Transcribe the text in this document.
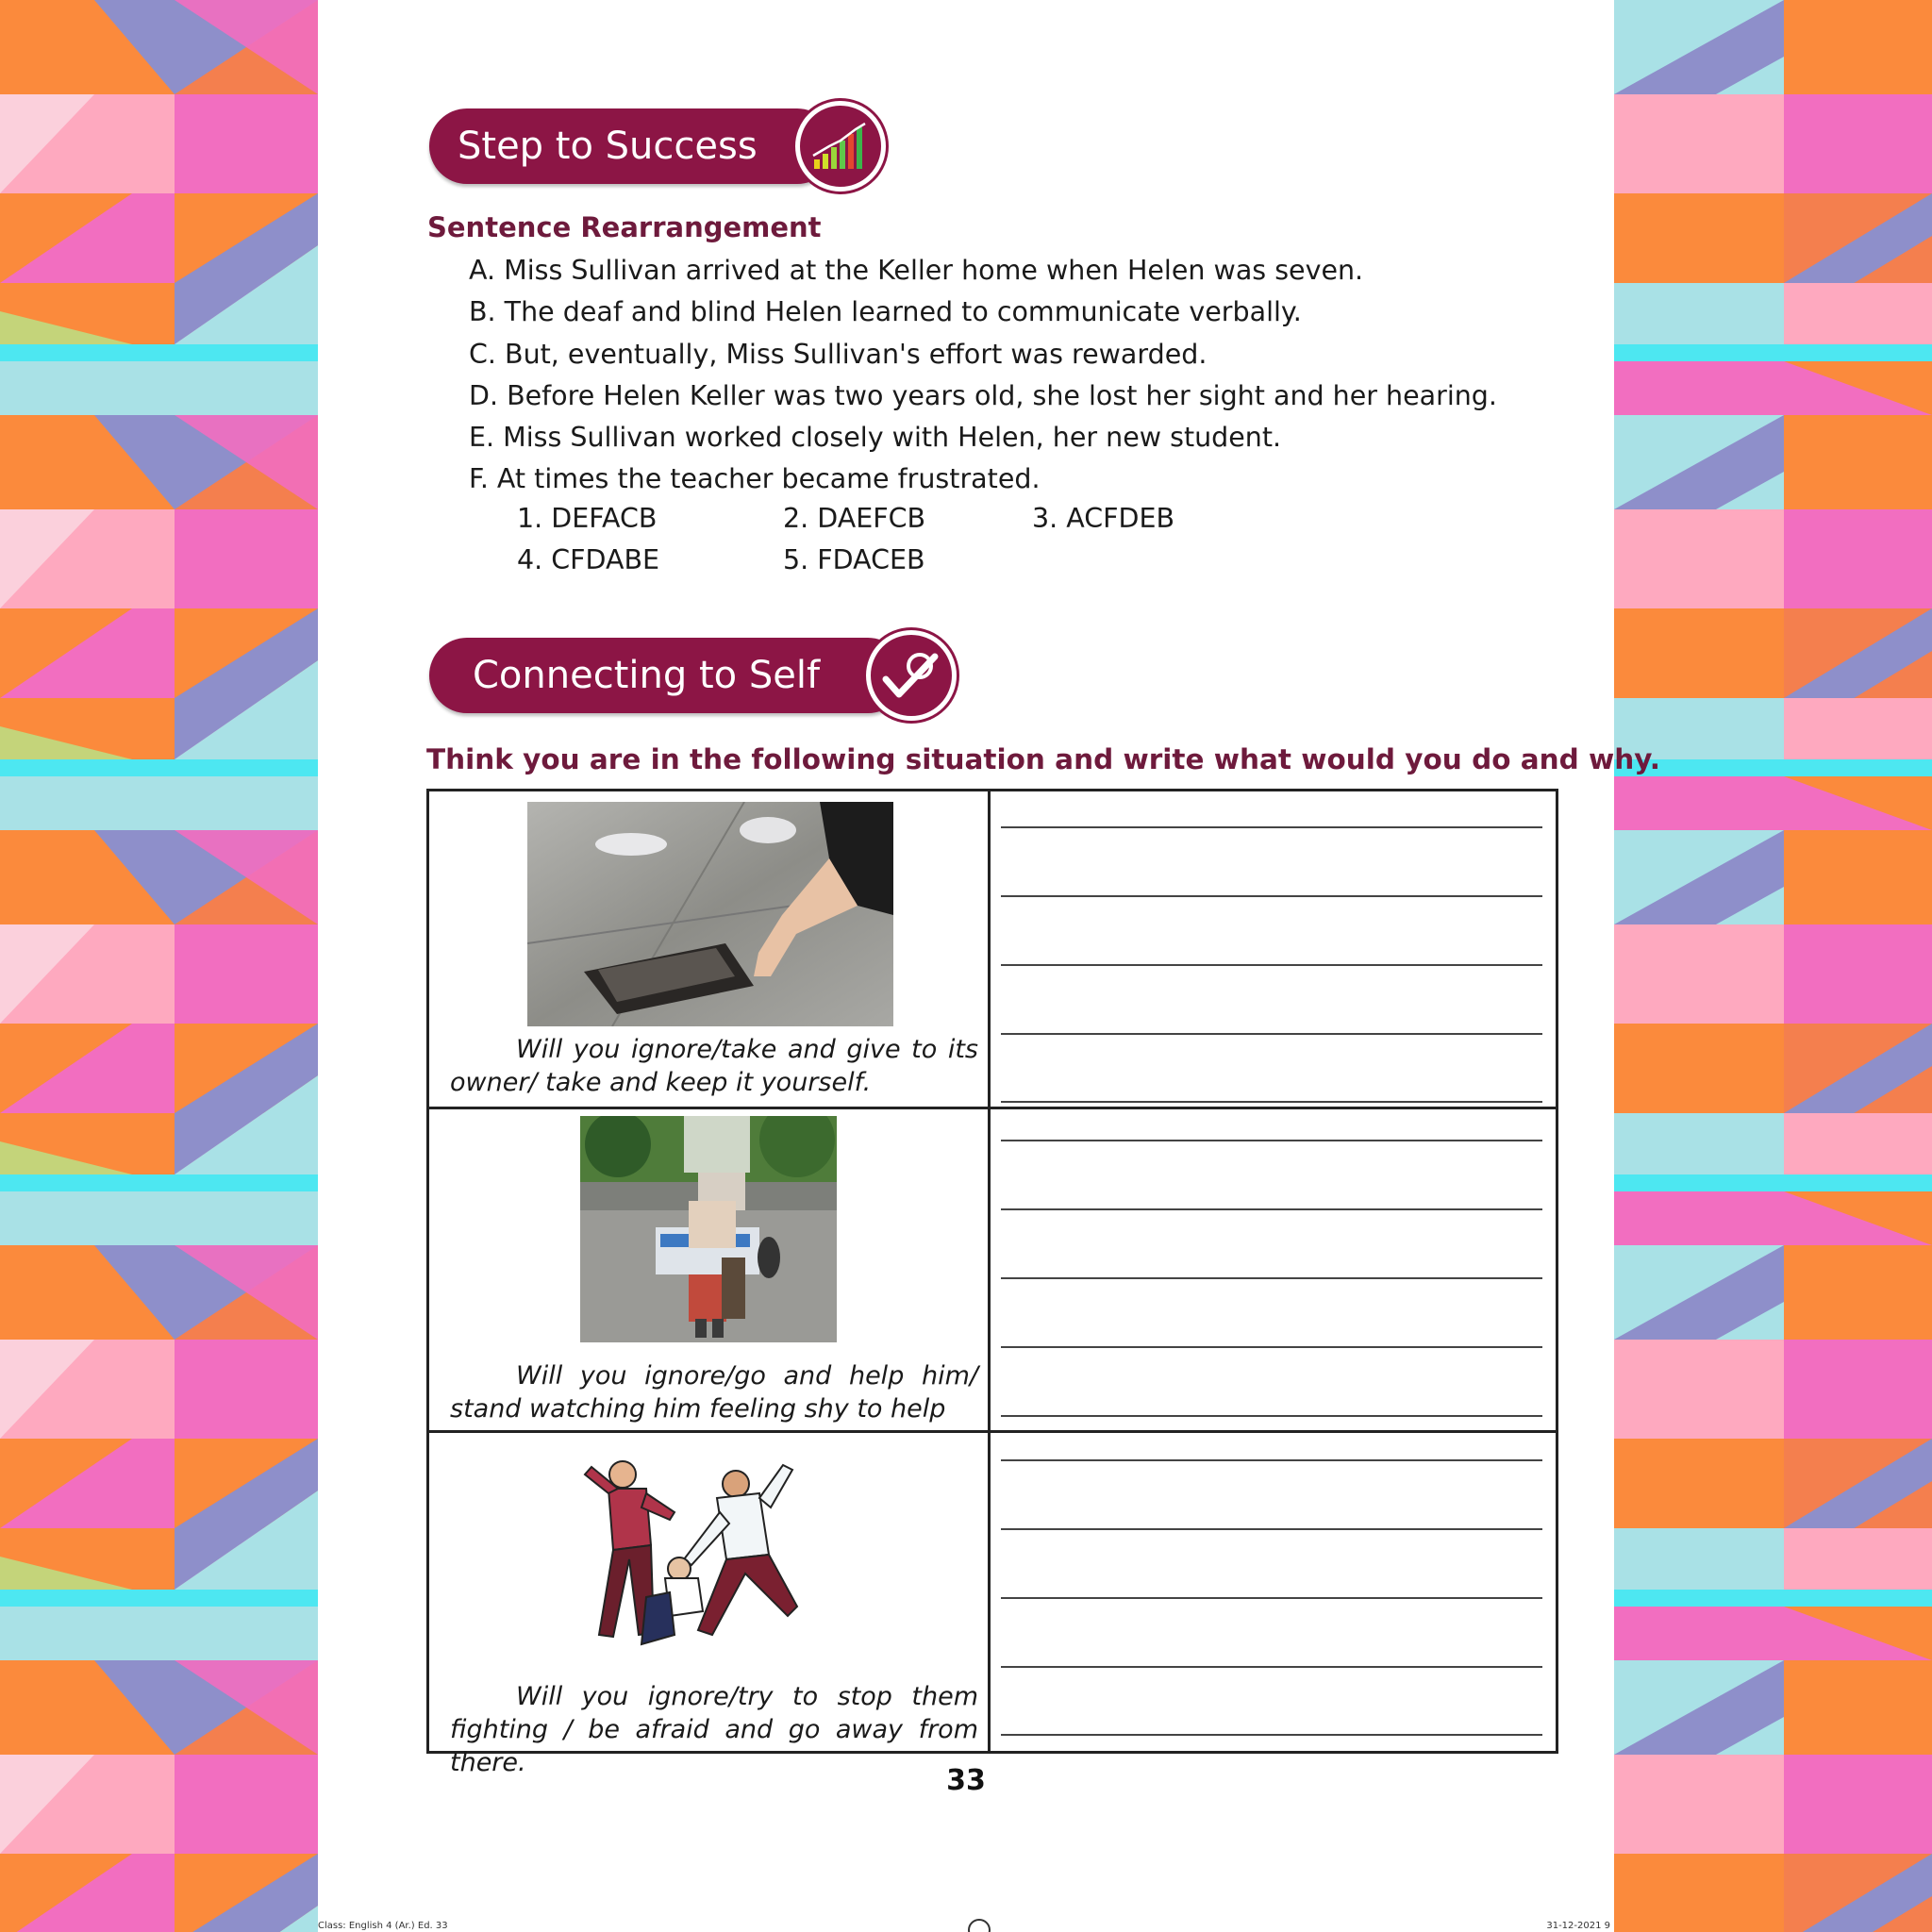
Step to Success
Sentence Rearrangement
A. Miss Sullivan arrived at the Keller home when Helen was seven.
B. The deaf and blind Helen learned to communicate verbally.
C. But, eventually, Miss Sullivan's effort was rewarded.
D. Before Helen Keller was two years old, she lost her sight and her hearing.
E. Miss Sullivan worked closely with Helen, her new student.
F. At times the teacher became frustrated.
1. DEFACB	2. DAEFCB	3. ACFDEB
4. CFDABE	5. FDACEB
Connecting to Self
Think you are in the following situation and write what would you do and why.
Will you ignore/take and give to its owner/ take and keep it yourself.
Will you ignore/go and help him/ stand watching him feeling shy to help
Will you ignore/try to stop them fighting / be afraid and go away from there.
33
Class: English 4 (Ar.) Ed. 33	31-12-2021 9
